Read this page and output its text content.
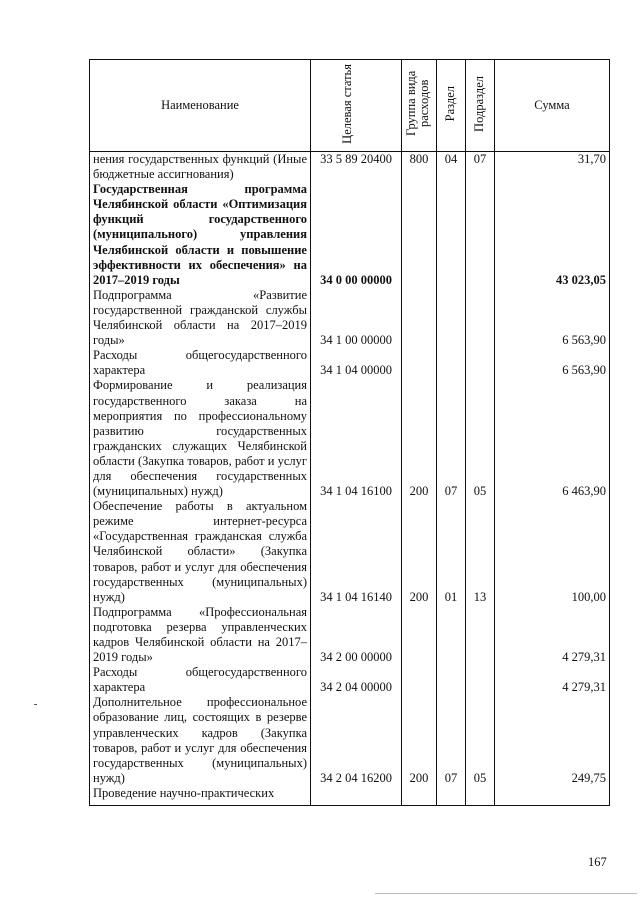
Наименование	Целевая статья	Группа вида расходов	Раздел	Подраздел	Сумма
нения государственных функций (Иные бюджетные ассигнования)	33 5 89 20400	800	04	07	31,70
Государственная программа Челябинской области «Оптимизация функций государственного (муниципального) управления Челябинской области и повышение эффективности их обеспечения» на 2017–2019 годы	34 0 00 00000				43 023,05
Подпрограмма «Развитие государственной гражданской службы Челябинской области на 2017–2019 годы»	34 1 00 00000				6 563,90
Расходы общегосударственного характера	34 1 04 00000				6 563,90
Формирование и реализация государственного заказа на мероприятия по профессиональному развитию государственных гражданских служащих Челябинской области (Закупка товаров, работ и услуг для обеспечения государственных (муниципальных) нужд)	34 1 04 16100	200	07	05	6 463,90
Обеспечение работы в актуальном режиме интернет-ресурса «Государственная гражданская служба Челябинской области» (Закупка товаров, работ и услуг для обеспечения государственных (муниципальных) нужд)	34 1 04 16140	200	01	13	100,00
Подпрограмма «Профессиональная подготовка резерва управленческих кадров Челябинской области на 2017–2019 годы»	34 2 00 00000				4 279,31
Расходы общегосударственного характера	34 2 04 00000				4 279,31
Дополнительное профессиональное образование лиц, состоящих в резерве управленческих кадров (Закупка товаров, работ и услуг для обеспечения государственных (муниципальных) нужд)	34 2 04 16200	200	07	05	249,75
Проведение научно-практических					
167
